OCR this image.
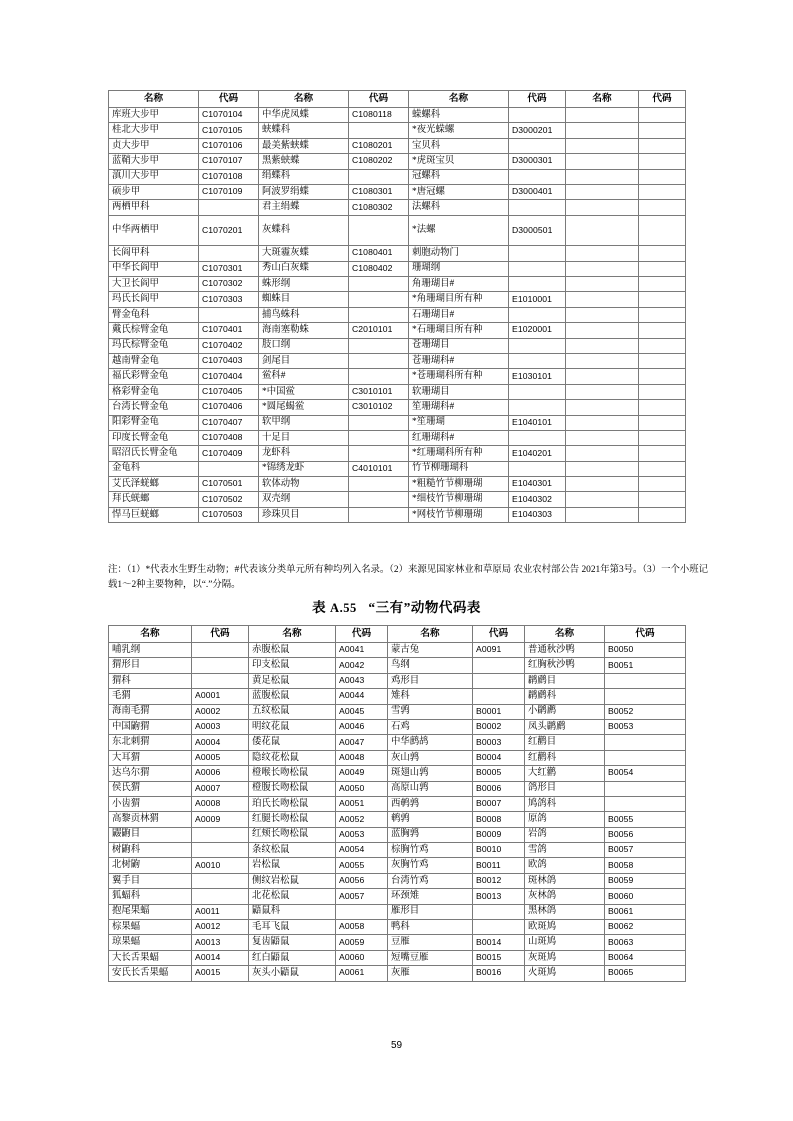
名称	代码	名称	代码	名称	代码	名称	代码
库班大步甲	C1070104	中华虎凤蝶	C1080118	蝾螺科			
桂北大步甲	C1070105	蛱蝶科		*夜光蝾螺	D3000201		
贞大步甲	C1070106	最美紫蛱蝶	C1080201	宝贝科			
蓝鞘大步甲	C1070107	黑紫蛱蝶	C1080202	*虎斑宝贝	D3000301		
滇川大步甲	C1070108	绢蝶科		冠螺科			
硕步甲	C1070109	阿波罗绢蝶	C1080301	*唐冠螺	D3000401		
两栖甲科		君主绢蝶	C1080302	法螺科			
中华两栖甲	C1070201	灰蝶科		*法螺	D3000501		
长阎甲科		大斑霾灰蝶	C1080401	刺胞动物门			
中华长阎甲	C1070301	秀山白灰蝶	C1080402	珊瑚纲			
大卫长阎甲	C1070302	蛛形纲		角珊瑚目#			
玛氏长阎甲	C1070303	蜘蛛目		*角珊瑚目所有种	E1010001		
臂金龟科		捕鸟蛛科		石珊瑚目#			
戴氏棕臂金龟	C1070401	海南塞勒蛛	C2010101	*石珊瑚目所有种	E1020001		
玛氏棕臂金龟	C1070402	肢口纲		苍珊瑚目			
越南臂金龟	C1070403	剑尾目		苍珊瑚科#			
福氏彩臂金龟	C1070404	鲎科#		*苍珊瑚科所有种	E1030101		
格彩臂金龟	C1070405	*中国鲎	C3010101	软珊瑚目			
台湾长臂金龟	C1070406	*圆尾蝎鲎	C3010102	笙珊瑚科#			
阳彩臂金龟	C1070407	软甲纲		*笙珊瑚	E1040101		
印度长臂金龟	C1070408	十足目		红珊瑚科#			
昭沼氏长臂金龟	C1070409	龙虾科		*红珊瑚科所有种	E1040201		
金龟科		*锦绣龙虾	C4010101	竹节柳珊瑚科			
艾氏泽蜣螂	C1070501	软体动物		*粗糙竹节柳珊瑚	E1040301		
拜氏蜣螂	C1070502	双壳纲		*细枝竹节柳珊瑚	E1040302		
悍马巨蜣螂	C1070503	珍珠贝目		*网枝竹节柳珊瑚	E1040303		
注：（1）*代表水生野生动物；#代表该分类单元所有种均列入名录。（2）来源见国家林业和草原局 农业农村部公告 2021年第3号。（3）一个小班记载1～2种主要物种，以“.”分隔。
表 A.55 “三有”动物代码表
名称	代码	名称	代码	名称	代码	名称	代码
哺乳纲		赤腹松鼠	A0041	蒙古兔	A0091	普通秋沙鸭	B0050
猬形目		印支松鼠	A0042	鸟纲		红胸秋沙鸭	B0051
猬科		黄足松鼠	A0043	鸡形目		䴙䴘目	
毛猬	A0001	蓝腹松鼠	A0044	雉科		䴙䴘科	
海南毛猬	A0002	五纹松鼠	A0045	雪鹑	B0001	小䴙䴘	B0052
中国鼩猬	A0003	明纹花鼠	A0046	石鸡	B0002	凤头䴙䴘	B0053
东北刺猬	A0004	倭花鼠	A0047	中华鹧鸪	B0003	红鹳目	
大耳猬	A0005	隐纹花松鼠	A0048	灰山鹑	B0004	红鹳科	
达乌尔猬	A0006	橙喉长吻松鼠	A0049	斑翅山鹑	B0005	大红鹳	B0054
侯氏猬	A0007	橙腹长吻松鼠	A0050	高原山鹑	B0006	鸽形目	
小齿猬	A0008	珀氏长吻松鼠	A0051	西鹌鹑	B0007	鸠鸽科	
高黎贡林猬	A0009	红腿长吻松鼠	A0052	鹌鹑	B0008	原鸽	B0055
鼹鼩目		红颊长吻松鼠	A0053	蓝胸鹑	B0009	岩鸽	B0056
树鼩科		条纹松鼠	A0054	棕胸竹鸡	B0010	雪鸽	B0057
北树鼩	A0010	岩松鼠	A0055	灰胸竹鸡	B0011	欧鸽	B0058
翼手目		侧纹岩松鼠	A0056	台湾竹鸡	B0012	斑林鸽	B0059
狐蝠科		北花松鼠	A0057	环颈雉	B0013	灰林鸽	B0060
抱尾果蝠	A0011	鼯鼠科		雁形目		黑林鸽	B0061
棕果蝠	A0012	毛耳飞鼠	A0058	鸭科		欧斑鸠	B0062
琼果蝠	A0013	复齿鼯鼠	A0059	豆雁	B0014	山斑鸠	B0063
大长舌果蝠	A0014	红白鼯鼠	A0060	短嘴豆雁	B0015	灰斑鸠	B0064
安氏长舌果蝠	A0015	灰头小鼯鼠	A0061	灰雁	B0016	火斑鸠	B0065
59
